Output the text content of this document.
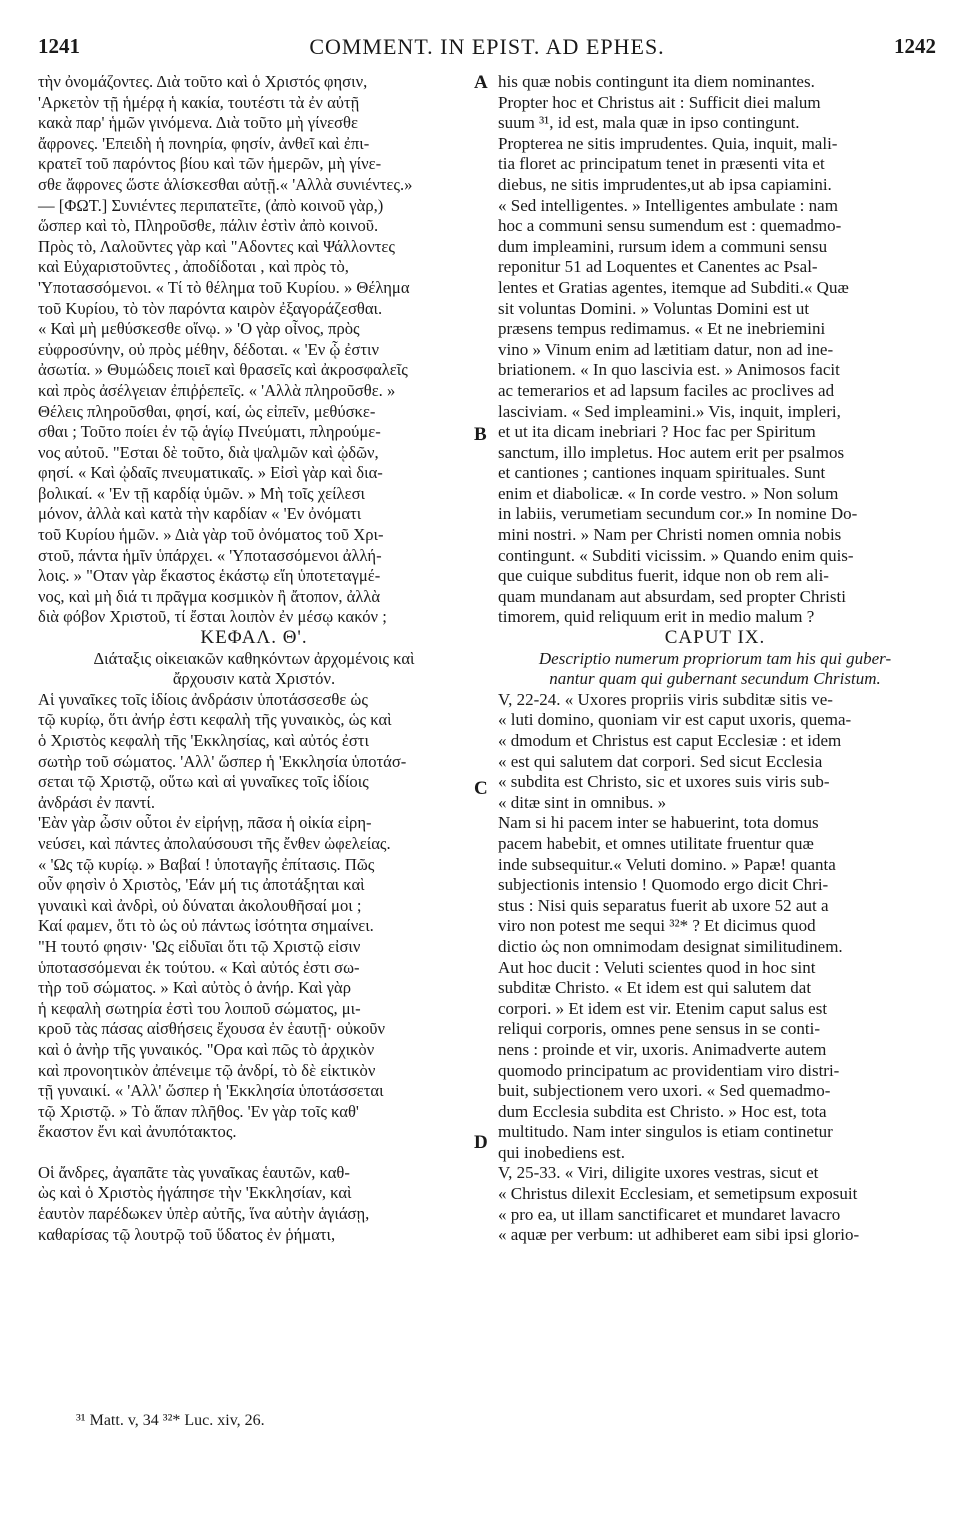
1241	COMMENT. IN EPIST. AD EPHES.	1242

τὴν ὀνομάζοντες. Διὰ τοῦτο καὶ ὁ Χριστός φησιν,

'Αρκετὸν τῇ ἡμέρᾳ ἡ κακία, τουτέστι τὰ ἐν αὐτῇ

κακὰ παρ' ἡμῶν γινόμενα. Διὰ τοῦτο μὴ γίνεσθε

ἄφρονες. 'Επειδὴ ἡ πονηρία, φησίν, ἀνθεῖ καὶ ἐπι-

κρατεῖ τοῦ παρόντος βίου καὶ τῶν ἡμερῶν, μὴ γίνε-

σθε ἄφρονες ὥστε ἁλίσκεσθαι αὐτῇ.« 'Αλλὰ συνιέντες.»

— [ΦΩΤ.] Συνιέντες περιπατεῖτε, (ἀπὸ κοινοῦ γὰρ,)

ὥσπερ καὶ τὸ, Πληροῦσθε, πάλιν ἐστὶν ἀπὸ κοινοῦ.

Πρὸς τὸ, Λαλοῦντες γὰρ καὶ "Αδοντες καὶ Ψάλλοντες

καὶ Εὐχαριστοῦντες , ἀποδίδοται , καὶ πρὸς τὸ,

'Υποτασσόμενοι. « Τί τὸ θέλημα τοῦ Κυρίου. » Θέλημα

τοῦ Κυρίου, τὸ τὸν παρόντα καιρὸν ἐξαγοράζεσθαι.

« Καὶ μὴ μεθύσκεσθε οἴνῳ. » 'Ο γὰρ οἶνος, πρὸς

εὐφροσύνην, οὐ πρὸς μέθην, δέδοται. « 'Εν ᾧ ἐστιν

ἀσωτία. » Θυμώδεις ποιεῖ καὶ θρασεῖς καὶ ἀκροσφαλεῖς

καὶ πρὸς ἀσέλγειαν ἐπιῤῥεπεῖς. « 'Αλλὰ πληροῦσθε. »

Θέλεις πληροῦσθαι, φησί, καί, ὡς εἰπεῖν, μεθύσκε-

σθαι ; Τοῦτο ποίει ἐν τῷ ἁγίῳ Πνεύματι, πληρούμε-

νος αὐτοῦ. "Εσται δὲ τοῦτο, διὰ ψαλμῶν καὶ ᾠδῶν,

φησί. « Καὶ ᾠδαῖς πνευματικαῖς. » Εἰσὶ γὰρ καὶ δια-

βολικαί. « 'Εν τῇ καρδίᾳ ὑμῶν. » Μὴ τοῖς χείλεσι

μόνον, ἀλλὰ καὶ κατὰ τὴν καρδίαν « 'Εν ὀνόματι

τοῦ Κυρίου ἡμῶν. » Διὰ γὰρ τοῦ ὀνόματος τοῦ Χρι-

στοῦ, πάντα ἡμῖν ὑπάρχει. « 'Υποτασσόμενοι ἀλλή-

λοις. » "Οταν γὰρ ἕκαστος ἑκάστῳ εἴη ὑποτεταγμέ-

νος, καὶ μὴ διά τι πρᾶγμα κοσμικὸν ἢ ἄτοπον, ἀλλὰ

διὰ φόβον Χριστοῦ, τί ἔσται λοιπὸν ἐν μέσῳ κακόν ;

ΚΕΦΑΛ. Θ'.

Διάταξις οἰκειακῶν καθηκόντων ἀρχομένοις καὶ

ἄρχουσιν κατὰ Χριστόν.

Αἱ γυναῖκες τοῖς ἰδίοις ἀνδράσιν ὑποτάσσεσθε ὡς

τῷ κυρίῳ, ὅτι ἀνήρ ἐστι κεφαλὴ τῆς γυναικὸς, ὡς καὶ

ὁ Χριστὸς κεφαλὴ τῆς 'Εκκλησίας, καὶ αὐτός ἐστι

σωτὴρ τοῦ σώματος. 'Αλλ' ὥσπερ ἡ 'Εκκλησία ὑποτάσ-

σεται τῷ Χριστῷ, οὕτω καὶ αἱ γυναῖκες τοῖς ἰδίοις

ἀνδράσι ἐν παντί.

'Εὰν γὰρ ὦσιν οὗτοι ἐν εἰρήνῃ, πᾶσα ἡ οἰκία εἰρη-

νεύσει, καὶ πάντες ἀπολαύσουσι τῆς ἔνθεν ὠφελείας.

« 'Ως τῷ κυρίῳ. » Βαβαί ! ὑποταγῆς ἐπίτασις. Πῶς

οὖν φησὶν ὁ Χριστὸς, 'Εάν μή τις ἀποτάξηται καὶ

γυναικὶ καὶ ἀνδρὶ, οὐ δύναται ἀκολουθῆσαί μοι ;

Καί φαμεν, ὅτι τὸ ὡς οὐ πάντως ἰσότητα σημαίνει.

"Η τουτό φησιν· 'Ως εἰδυῖαι ὅτι τῷ Χριστῷ εἰσιν

ὑποτασσόμεναι ἐκ τούτου. « Καὶ αὐτός ἐστι σω-

τὴρ τοῦ σώματος. » Καὶ αὐτὸς ὁ ἀνήρ. Καὶ γὰρ

ἡ κεφαλὴ σωτηρία ἐστὶ του λοιποῦ σώματος, μι-

κροῦ τὰς πάσας αἰσθήσεις ἔχουσα ἐν ἑαυτῇ· οὐκοῦν

καὶ ὁ ἀνὴρ τῆς γυναικός. "Ορα καὶ πῶς τὸ ἀρχικὸν

καὶ προνοητικὸν ἀπένειμε τῷ ἀνδρί, τὸ δὲ εἰκτικὸν

τῇ γυναικί. « 'Αλλ' ὥσπερ ἡ 'Εκκλησία ὑποτάσσεται

τῷ Χριστῷ. » Τὸ ἅπαν πλῆθος. 'Εν γὰρ τοῖς καθ'

ἕκαστον ἔνι καὶ ἀνυπότακτος.

Οἱ ἄνδρες, ἀγαπᾶτε τὰς γυναῖκας ἑαυτῶν, καθ-

ὼς καὶ ὁ Χριστὸς ἠγάπησε τὴν 'Εκκλησίαν, καὶ

ἑαυτὸν παρέδωκεν ὑπὲρ αὐτῆς, ἵνα αὐτὴν ἁγιάσῃ,

καθαρίσας τῷ λουτρῷ τοῦ ὕδατος ἐν ῥήματι,

his quæ nobis contingunt ita diem nominantes.

Propter hoc et Christus ait : Sufficit diei malum

suum ³¹, id est, mala quæ in ipso contingunt.

Propterea ne sitis imprudentes. Quia, inquit, mali-

tia floret ac principatum tenet in præsenti vita et

diebus, ne sitis imprudentes,ut ab ipsa capiamini.

« Sed intelligentes. » Intelligentes ambulate : nam

hoc a communi sensu sumendum est : quemadmo-

dum impleamini, rursum idem a communi sensu

reponitur 51 ad Loquentes et Canentes ac Psal-

lentes et Gratias agentes, itemque ad Subditi.« Quæ

sit voluntas Domini. » Voluntas Domini est ut

præsens tempus redimamus. « Et ne inebriemini

vino » Vinum enim ad lætitiam datur, non ad ine-

briationem. « In quo lascivia est. » Animosos facit

ac temerarios et ad lapsum faciles ac proclives ad

lasciviam. « Sed impleamini.» Vis, inquit, impleri,

et ut ita dicam inebriari ? Hoc fac per Spiritum

sanctum, illo impletus. Hoc autem erit per psalmos

et cantiones ; cantiones inquam spirituales. Sunt

enim et diabolicæ. « In corde vestro. » Non solum

in labiis, verumetiam secundum cor.» In nomine Do-

mini nostri. » Nam per Christi nomen omnia nobis

contingunt. « Subditi vicissim. » Quando enim quis-

que cuique subditus fuerit, idque non ob rem ali-

quam mundanam aut absurdam, sed propter Christi

timorem, quid reliquum erit in medio malum ?

CAPUT IX.

Descriptio numerum propriorum tam his qui guber-

nantur quam qui gubernant secundum Christum.

V, 22-24. « Uxores propriis viris subditæ sitis ve-

« luti domino, quoniam vir est caput uxoris, quema-

« dmodum et Christus est caput Ecclesiæ : et idem

« est qui salutem dat corpori. Sed sicut Ecclesia

« subdita est Christo, sic et uxores suis viris sub-

« ditæ sint in omnibus. »

Nam si hi pacem inter se habuerint, tota domus

pacem habebit, et omnes utilitate fruentur quæ

inde subsequitur.« Veluti domino. » Papæ! quanta

subjectionis intensio ! Quomodo ergo dicit Chri-

stus : Nisi quis separatus fuerit ab uxore 52 aut a

viro non potest me sequi ³²* ? Et dicimus quod

dictio ὡς non omnimodam designat similitudinem.

Aut hoc ducit : Veluti scientes quod in hoc sint

subditæ Christo. « Et idem est qui salutem dat

corpori. » Et idem est vir. Etenim caput salus est

reliqui corporis, omnes pene sensus in se conti-

nens : proinde et vir, uxoris. Animadverte autem

quomodo principatum ac providentiam viro distri-

buit, subjectionem vero uxori. « Sed quemadmo-

dum Ecclesia subdita est Christo. » Hoc est, tota

multitudo. Nam inter singulos is etiam continetur

qui inobediens est.

V, 25-33. « Viri, diligite uxores vestras, sicut et

« Christus dilexit Ecclesiam, et semetipsum exposuit

« pro ea, ut illam sanctificaret et mundaret lavacro

« aquæ per verbum: ut adhiberet eam sibi ipsi glorio-

A
B
C
D
³¹ Matt. v, 34 ³²* Luc. xiv, 26.
